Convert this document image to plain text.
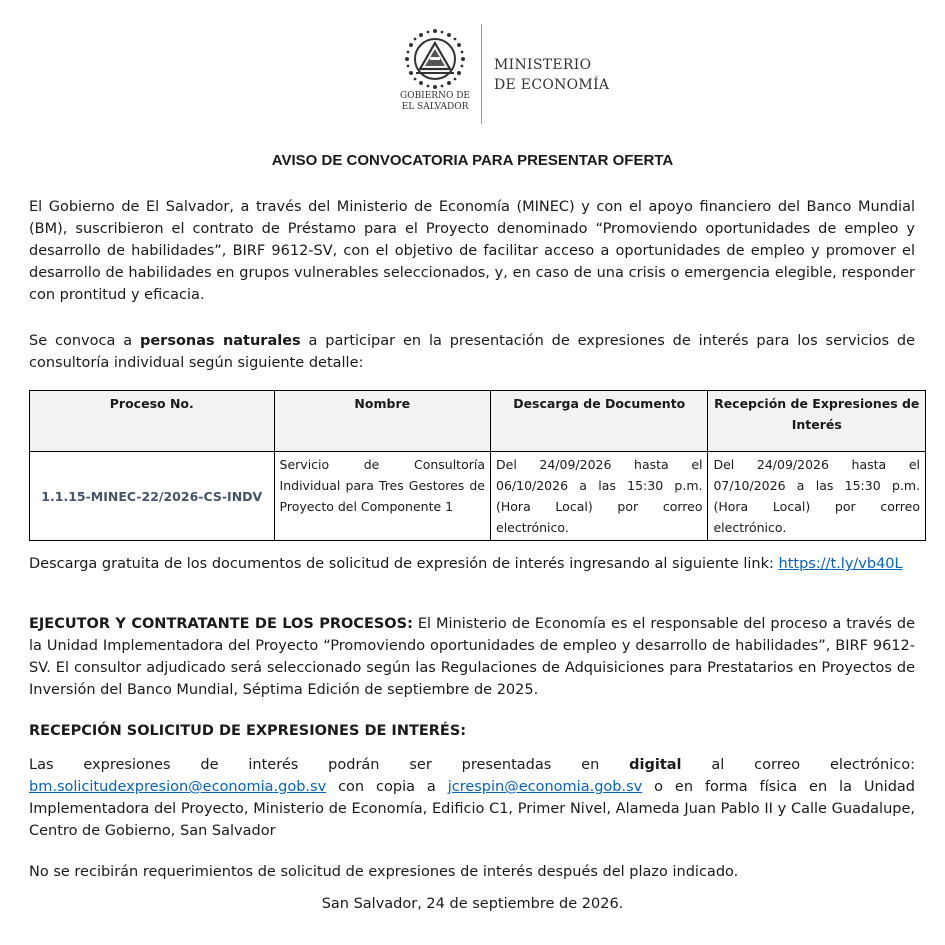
GOBIERNO DE
EL SALVADOR
MINISTERIO
DE ECONOMÍA
AVISO DE CONVOCATORIA PARA PRESENTAR OFERTA
El Gobierno de El Salvador, a través del Ministerio de Economía (MINEC) y con el apoyo financiero del Banco Mundial (BM), suscribieron el contrato de Préstamo para el Proyecto denominado “Promoviendo oportunidades de empleo y desarrollo de habilidades”, BIRF 9612-SV, con el objetivo de facilitar acceso a oportunidades de empleo y promover el desarrollo de habilidades en grupos vulnerables seleccionados, y, en caso de una crisis o emergencia elegible, responder con prontitud y eficacia.
Se convoca a personas naturales a participar en la presentación de expresiones de interés para los servicios de consultoría individual según siguiente detalle:
Proceso No.	Nombre	Descarga de Documento	Recepción de Expresiones de Interés
1.1.15-MINEC-22/2026-CS-INDV	Servicio de Consultoría Individual para Tres Gestores de Proyecto del Componente 1	Del 24/09/2026 hasta el 06/10/2026 a las 15:30 p.m. (Hora Local) por correo electrónico.	Del 24/09/2026 hasta el 07/10/2026 a las 15:30 p.m. (Hora Local) por correo electrónico.
Descarga gratuita de los documentos de solicitud de expresión de interés ingresando al siguiente link: https://t.ly/vb40L
EJECUTOR Y CONTRATANTE DE LOS PROCESOS: El Ministerio de Economía es el responsable del proceso a través de la Unidad Implementadora del Proyecto “Promoviendo oportunidades de empleo y desarrollo de habilidades”, BIRF 9612-SV. El consultor adjudicado será seleccionado según las Regulaciones de Adquisiciones para Prestatarios en Proyectos de Inversión del Banco Mundial, Séptima Edición de septiembre de 2025.
RECEPCIÓN SOLICITUD DE EXPRESIONES DE INTERÉS:
Las expresiones de interés podrán ser presentadas en digital al correo electrónico: bm.solicitudexpresion@economia.gob.sv con copia a jcrespin@economia.gob.sv o en forma física en la Unidad Implementadora del Proyecto, Ministerio de Economía, Edificio C1, Primer Nivel, Alameda Juan Pablo II y Calle Guadalupe, Centro de Gobierno, San Salvador
No se recibirán requerimientos de solicitud de expresiones de interés después del plazo indicado.
San Salvador, 24 de septiembre de 2026.
